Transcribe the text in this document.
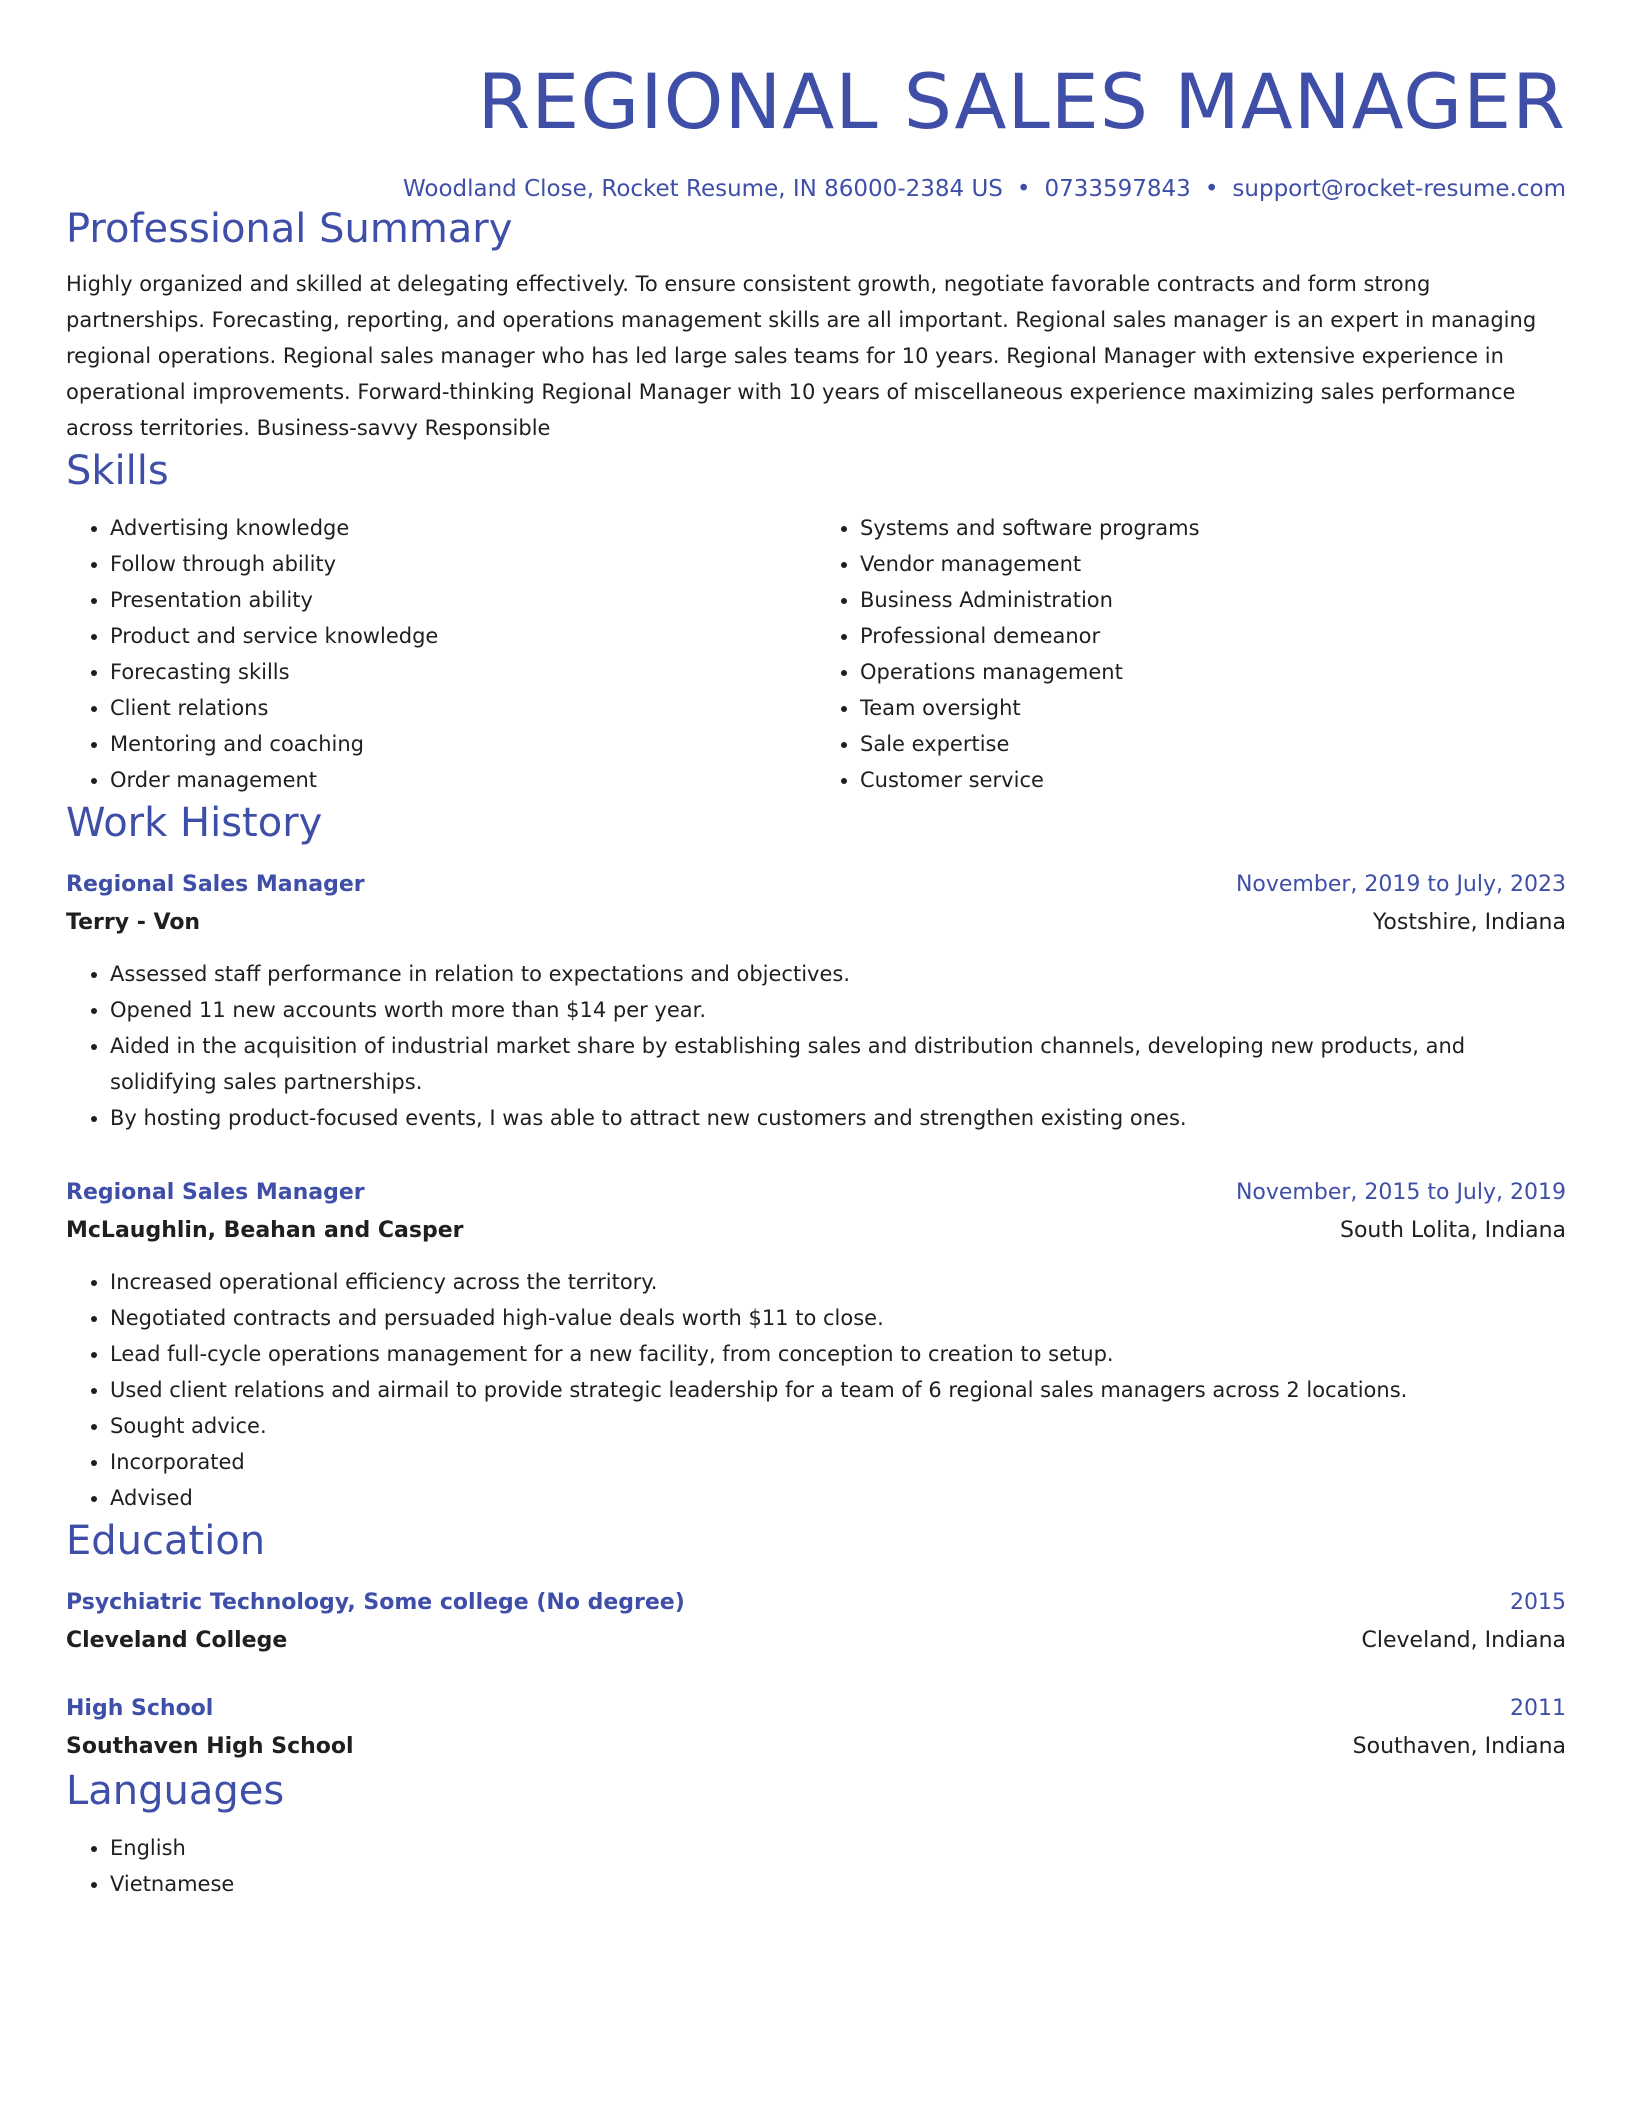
REGIONAL SALES MANAGER
Woodland Close, Rocket Resume, IN 86000-2384 US • 0733597843 • support@rocket-resume.com
Professional Summary
Highly organized and skilled at delegating effectively. To ensure consistent growth, negotiate favorable contracts and form strong partnerships. Forecasting, reporting, and operations management skills are all important. Regional sales manager is an expert in managing regional operations. Regional sales manager who has led large sales teams for 10 years. Regional Manager with extensive experience in operational improvements. Forward-thinking Regional Manager with 10 years of miscellaneous experience maximizing sales performance across territories. Business-savvy Responsible
Skills
• Advertising knowledge
• Follow through ability
• Presentation ability
• Product and service knowledge
• Forecasting skills
• Client relations
• Mentoring and coaching
• Order management
• Systems and software programs
• Vendor management
• Business Administration
• Professional demeanor
• Operations management
• Team oversight
• Sale expertise
• Customer service
Work History
Regional Sales Manager	November, 2019 to July, 2023
Terry - Von	Yostshire, Indiana
• Assessed staff performance in relation to expectations and objectives.
• Opened 11 new accounts worth more than $14 per year.
• Aided in the acquisition of industrial market share by establishing sales and distribution channels, developing new products, and solidifying sales partnerships.
• By hosting product-focused events, I was able to attract new customers and strengthen existing ones.
Regional Sales Manager	November, 2015 to July, 2019
McLaughlin, Beahan and Casper	South Lolita, Indiana
• Increased operational efficiency across the territory.
• Negotiated contracts and persuaded high-value deals worth $11 to close.
• Lead full-cycle operations management for a new facility, from conception to creation to setup.
• Used client relations and airmail to provide strategic leadership for a team of 6 regional sales managers across 2 locations.
• Sought advice.
• Incorporated
• Advised
Education
Psychiatric Technology, Some college (No degree)	2015
Cleveland College	Cleveland, Indiana
High School	2011
Southaven High School	Southaven, Indiana
Languages
• English
• Vietnamese
